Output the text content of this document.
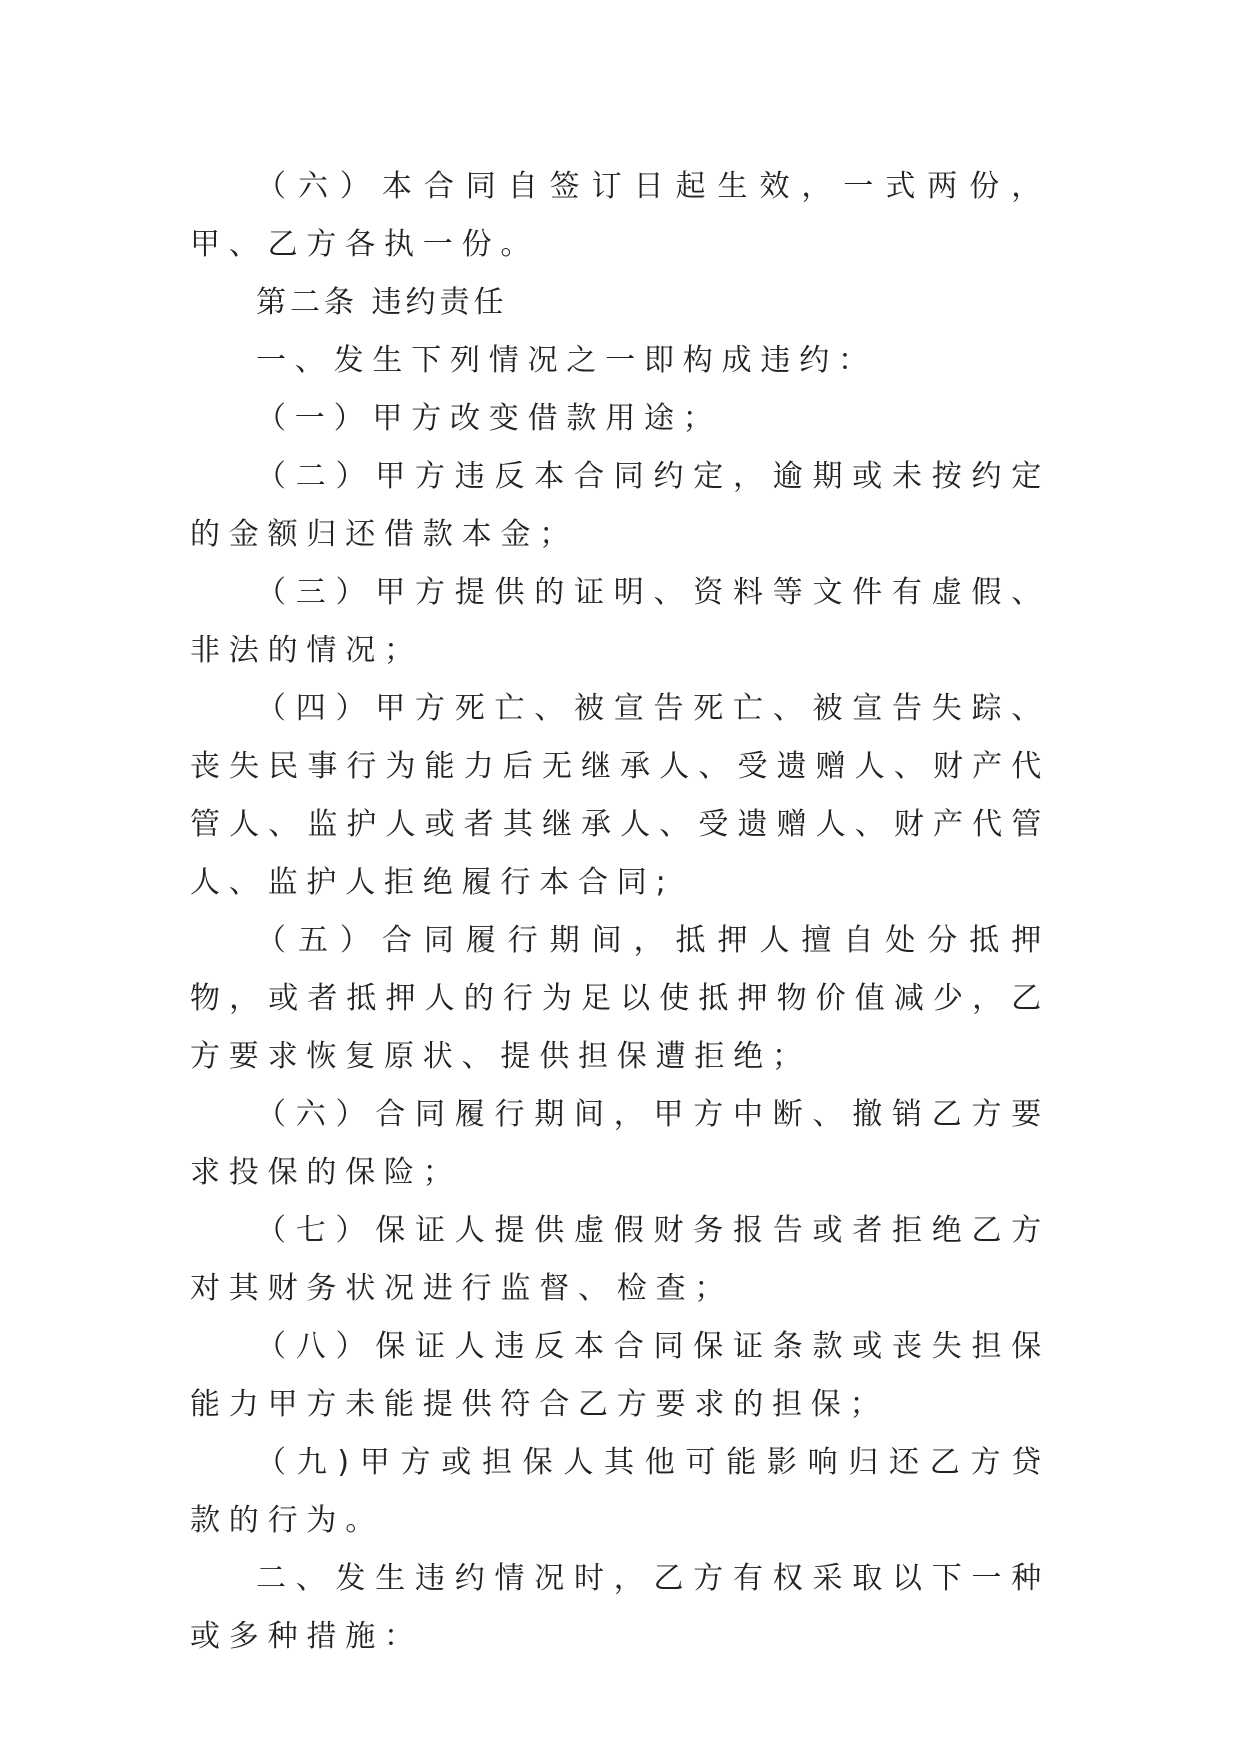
（六）本合同自签订日起生效，一式两份，甲、乙方各执一份。

第二条 违约责任

一、发生下列情况之一即构成违约：

（一）甲方改变借款用途；

（二）甲方违反本合同约定，逾期或未按约定的金额归还借款本金；

（三）甲方提供的证明、资料等文件有虚假、非法的情况；

（四）甲方死亡、被宣告死亡、被宣告失踪、丧失民事行为能力后无继承人、受遗赠人、财产代管人、监护人或者其继承人、受遗赠人、财产代管人、监护人拒绝履行本合同;

（五）合同履行期间，抵押人擅自处分抵押物，或者抵押人的行为足以使抵押物价值减少，乙方要求恢复原状、提供担保遭拒绝；

（六）合同履行期间，甲方中断、撤销乙方要求投保的保险；

（七）保证人提供虚假财务报告或者拒绝乙方对其财务状况进行监督、检查；

（八）保证人违反本合同保证条款或丧失担保能力甲方未能提供符合乙方要求的担保；

（九)甲方或担保人其他可能影响归还乙方贷款的行为。

二、发生违约情况时，乙方有权采取以下一种或多种措施：
